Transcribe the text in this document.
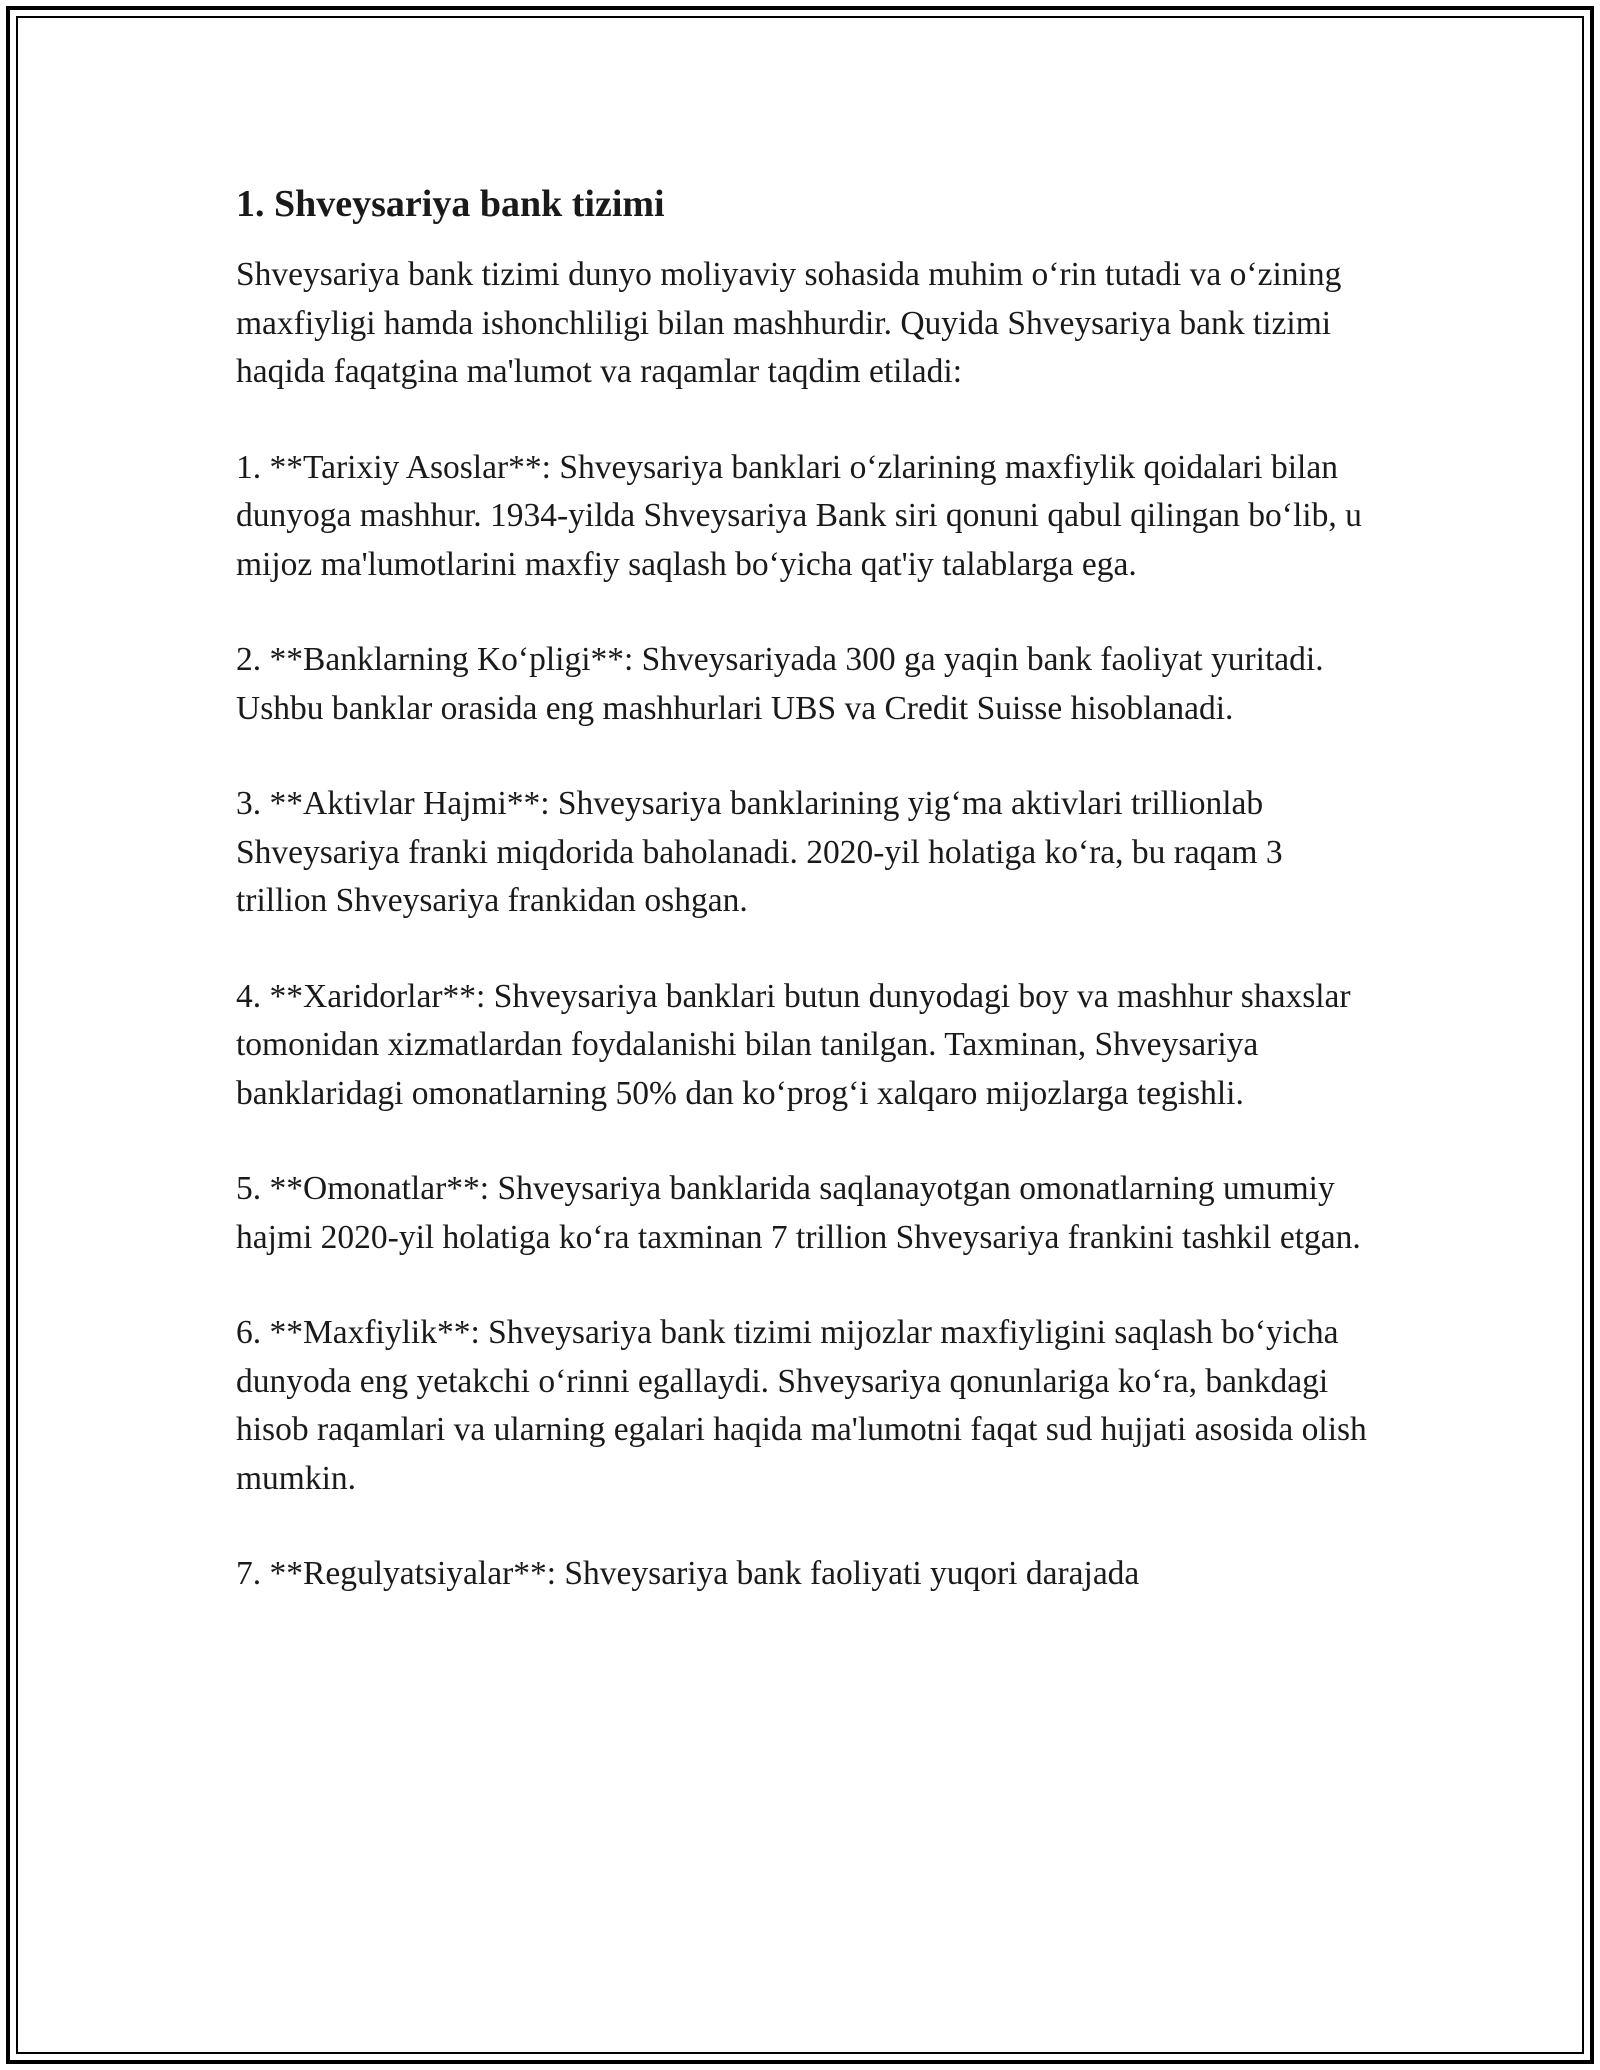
1. Shveysariya bank tizimi

Shveysariya bank tizimi dunyo moliyaviy sohasida muhim o‘rin tutadi va o‘zining maxfiyligi hamda ishonchliligi bilan mashhurdir. Quyida Shveysariya bank tizimi haqida faqatgina ma'lumot va raqamlar taqdim etiladi:

1. **Tarixiy Asoslar**: Shveysariya banklari o‘zlarining maxfiylik qoidalari bilan dunyoga mashhur. 1934-yilda Shveysariya Bank siri qonuni qabul qilingan bo‘lib, u mijoz ma'lumotlarini maxfiy saqlash bo‘yicha qat'iy talablarga ega.

2. **Banklarning Ko‘pligi**: Shveysariyada 300 ga yaqin bank faoliyat yuritadi. Ushbu banklar orasida eng mashhurlari UBS va Credit Suisse hisoblanadi.

3. **Aktivlar Hajmi**: Shveysariya banklarining yig‘ma aktivlari trillionlab Shveysariya franki miqdorida baholanadi. 2020-yil holatiga ko‘ra, bu raqam 3 trillion Shveysariya frankidan oshgan.

4. **Xaridorlar**: Shveysariya banklari butun dunyodagi boy va mashhur shaxslar tomonidan xizmatlardan foydalanishi bilan tanilgan. Taxminan, Shveysariya banklaridagi omonatlarning 50% dan ko‘prog‘i xalqaro mijozlarga tegishli.

5. **Omonatlar**: Shveysariya banklarida saqlanayotgan omonatlarning umumiy hajmi 2020-yil holatiga ko‘ra taxminan 7 trillion Shveysariya frankini tashkil etgan.

6. **Maxfiylik**: Shveysariya bank tizimi mijozlar maxfiyligini saqlash bo‘yicha dunyoda eng yetakchi o‘rinni egallaydi. Shveysariya qonunlariga ko‘ra, bankdagi hisob raqamlari va ularning egalari haqida ma'lumotni faqat sud hujjati asosida olish mumkin.

7. **Regulyatsiyalar**: Shveysariya bank faoliyati yuqori darajada
